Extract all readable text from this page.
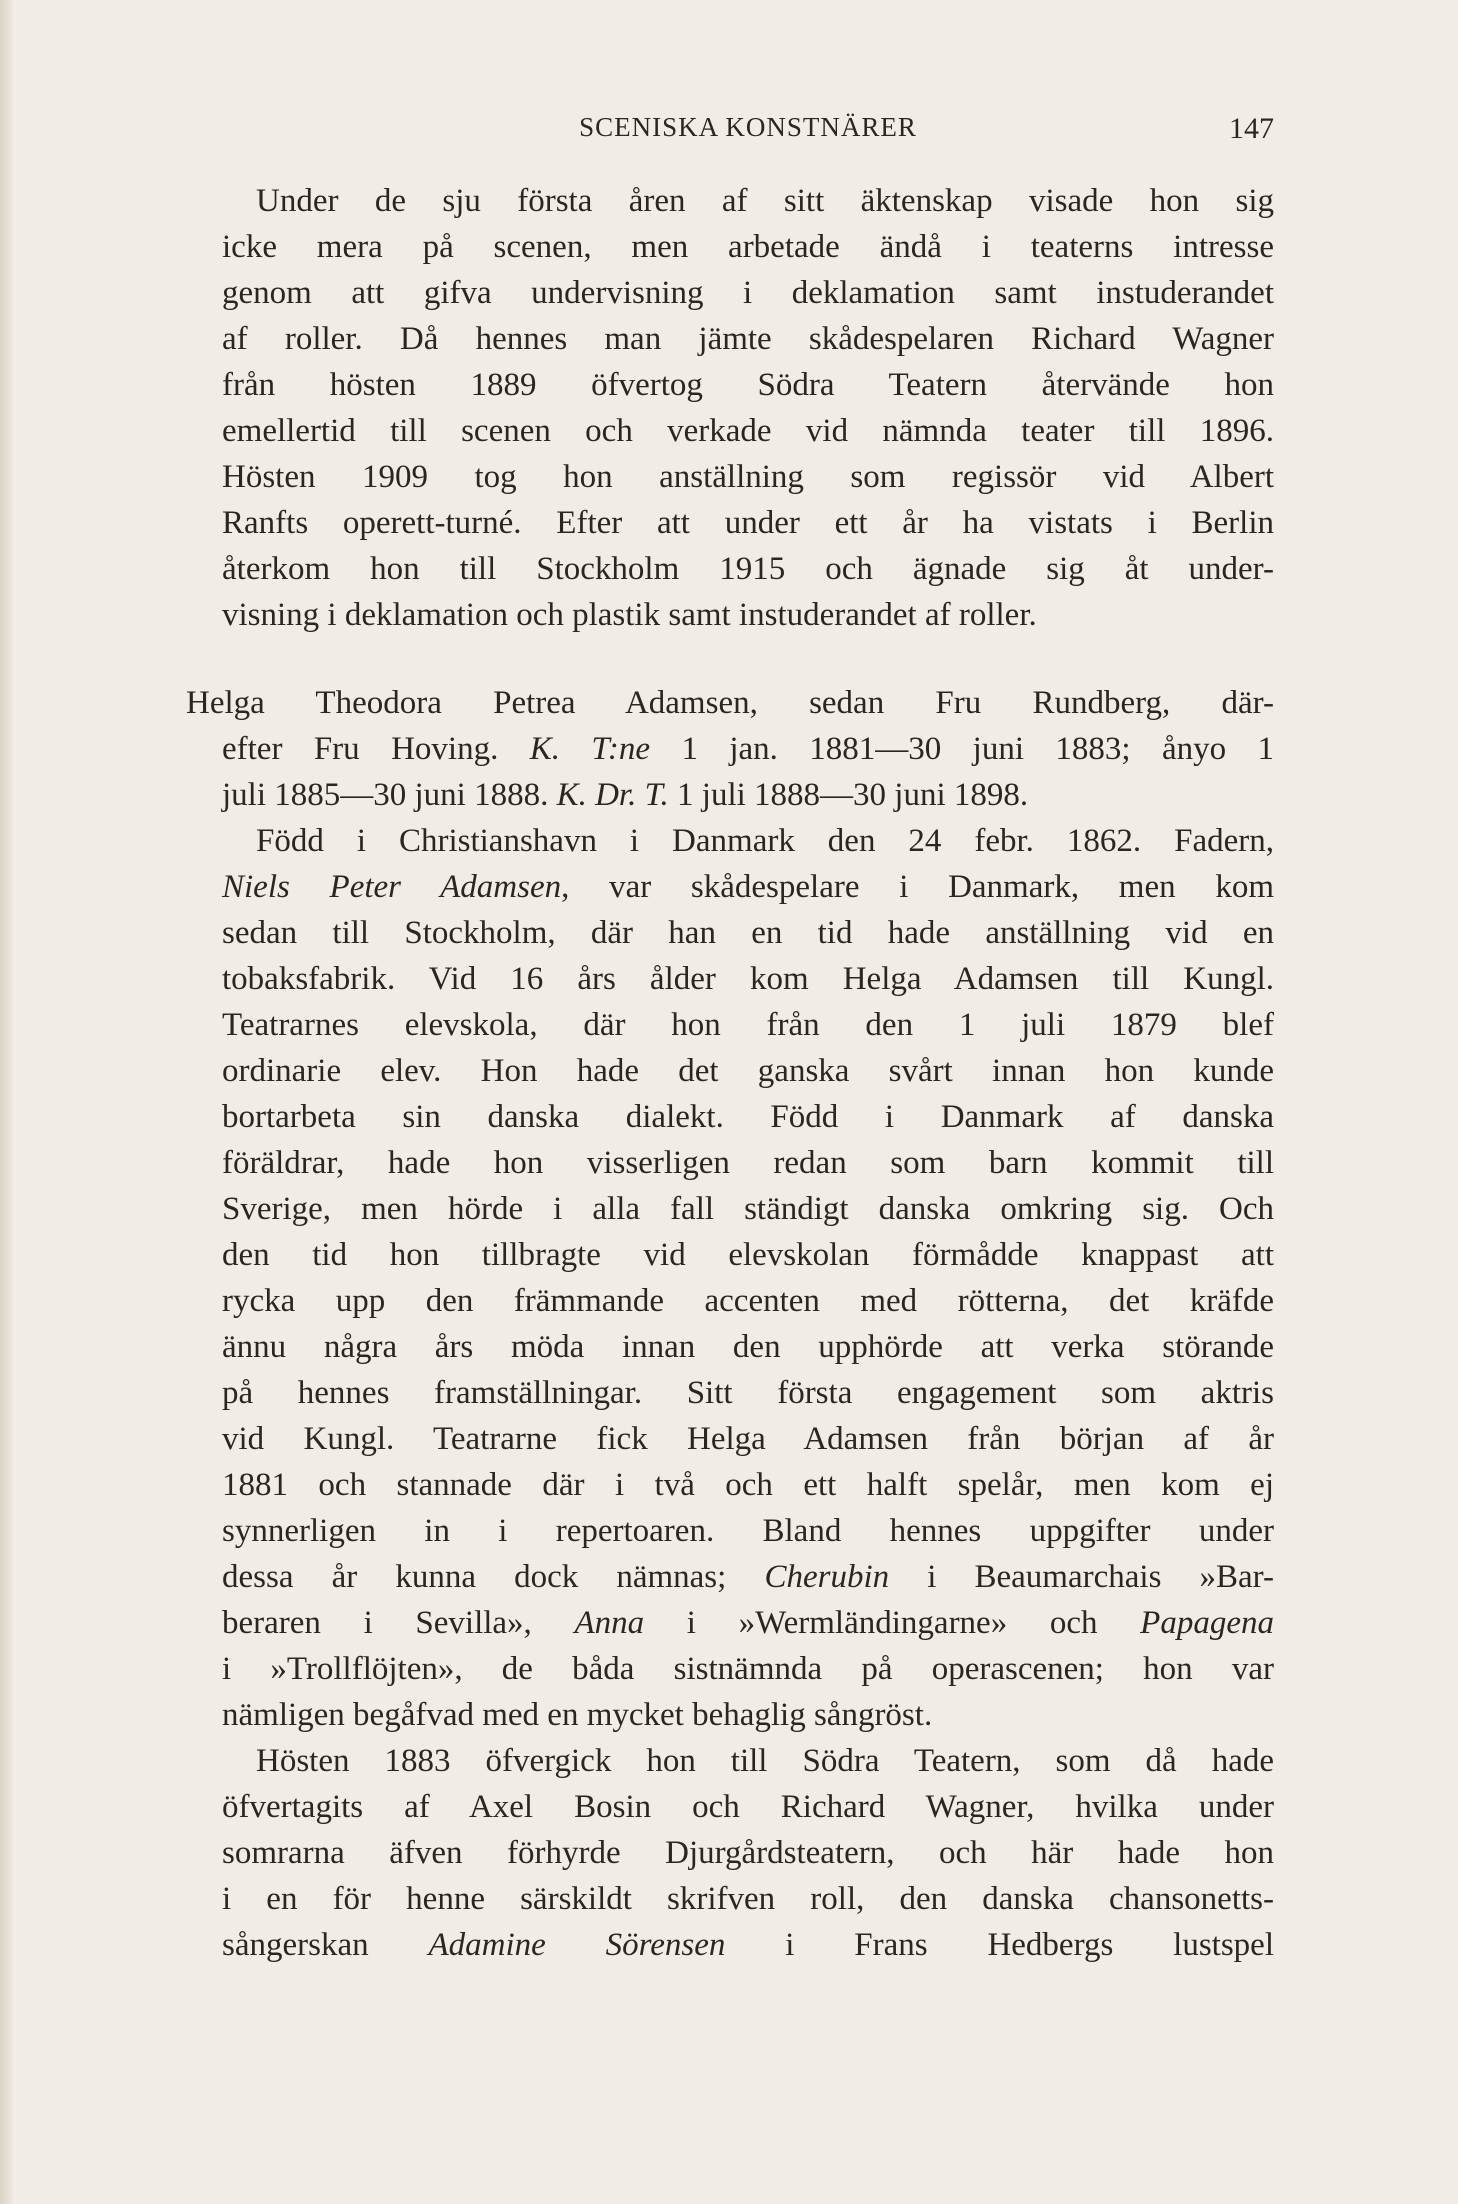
SCENISKA KONSTNÄRER	147
Under de sju första åren af sitt äktenskap visade hon sig
icke mera på scenen, men arbetade ändå i teaterns intresse
genom att gifva undervisning i deklamation samt instuderandet
af roller. Då hennes man jämte skådespelaren Richard Wagner
från hösten 1889 öfvertog Södra Teatern återvände hon
emellertid till scenen och verkade vid nämnda teater till 1896.
Hösten 1909 tog hon anställning som regissör vid Albert
Ranfts operett-turné. Efter att under ett år ha vistats i Berlin
återkom hon till Stockholm 1915 och ägnade sig åt under-
visning i deklamation och plastik samt instuderandet af roller.
Helga Theodora Petrea Adamsen, sedan Fru Rundberg, där-
efter Fru Hoving. K. T:ne 1 jan. 1881—30 juni 1883; ånyo 1
juli 1885—30 juni 1888. K. Dr. T. 1 juli 1888—30 juni 1898.
Född i Christianshavn i Danmark den 24 febr. 1862. Fadern,
Niels Peter Adamsen, var skådespelare i Danmark, men kom
sedan till Stockholm, där han en tid hade anställning vid en
tobaksfabrik. Vid 16 års ålder kom Helga Adamsen till Kungl.
Teatrarnes elevskola, där hon från den 1 juli 1879 blef
ordinarie elev. Hon hade det ganska svårt innan hon kunde
bortarbeta sin danska dialekt. Född i Danmark af danska
föräldrar, hade hon visserligen redan som barn kommit till
Sverige, men hörde i alla fall ständigt danska omkring sig. Och
den tid hon tillbragte vid elevskolan förmådde knappast att
rycka upp den främmande accenten med rötterna, det kräfde
ännu några års möda innan den upphörde att verka störande
på hennes framställningar. Sitt första engagement som aktris
vid Kungl. Teatrarne fick Helga Adamsen från början af år
1881 och stannade där i två och ett halft spelår, men kom ej
synnerligen in i repertoaren. Bland hennes uppgifter under
dessa år kunna dock nämnas; Cherubin i Beaumarchais »Bar-
beraren i Sevilla», Anna i »Wermländingarne» och Papagena
i »Trollflöjten», de båda sistnämnda på operascenen; hon var
nämligen begåfvad med en mycket behaglig sångröst.
Hösten 1883 öfvergick hon till Södra Teatern, som då hade
öfvertagits af Axel Bosin och Richard Wagner, hvilka under
somrarna äfven förhyrde Djurgårdsteatern, och här hade hon
i en för henne särskildt skrifven roll, den danska chansonetts-
sångerskan Adamine Sörensen i Frans Hedbergs lustspel
